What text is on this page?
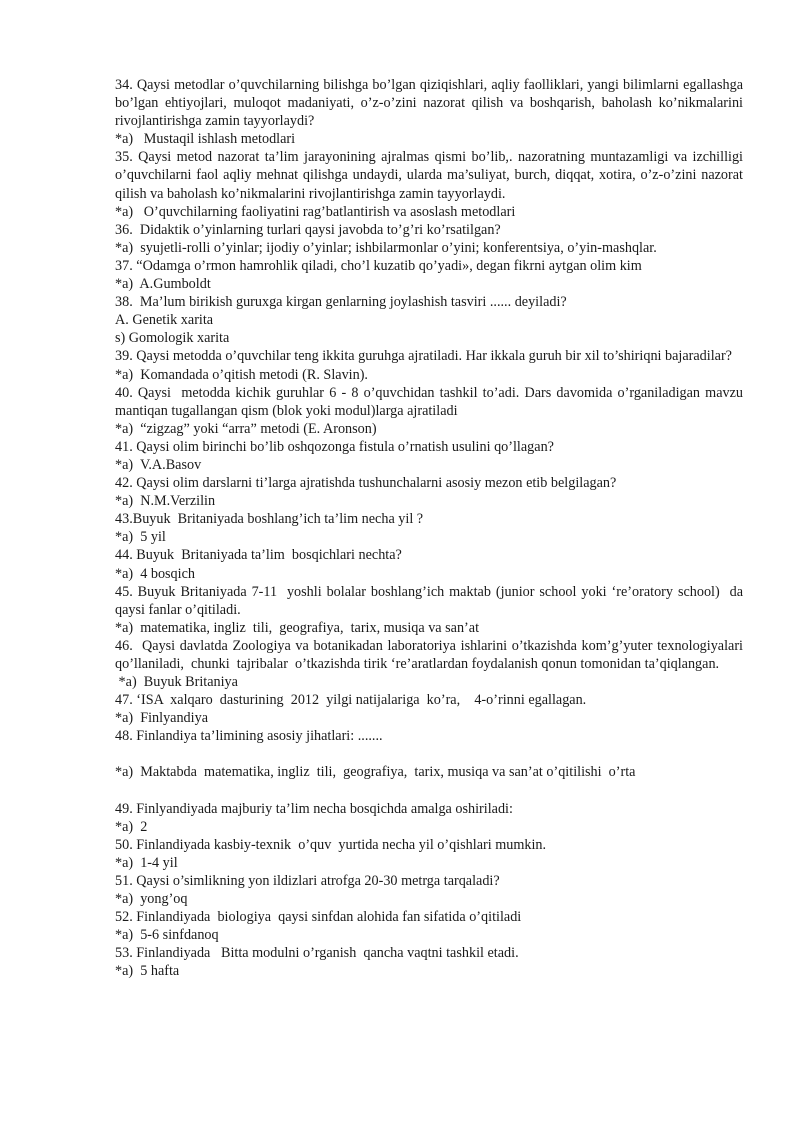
34. Qaysi metodlar o’quvchilarning bilishga bo’lgan qiziqishlari, aqliy faolliklari, yangi bilimlarni egallashga bo’lgan ehtiyojlari, muloqot madaniyati, o’z-o’zini nazorat qilish va boshqarish, baholash ko’nikmalarini rivojlantirishga zamin tayyorlaydi?

*a)   Mustaqil ishlash metodlari

35. Qaysi metod nazorat ta’lim jarayonining ajralmas qismi bo’lib,. nazoratning muntazamligi va izchilligi o’quvchilarni faol aqliy mehnat qilishga undaydi, ularda ma’suliyat, burch, diqqat, xotira, o’z-o’zini nazorat qilish va baholash ko’nikmalarini rivojlantirishga zamin tayyorlaydi.

*a)   O’quvchilarning faoliyatini rag’batlantirish va asoslash metodlari

36.  Didaktik o’yinlarning turlari qaysi javobda to’g’ri ko’rsatilgan?

*a)  syujetli-rolli o’yinlar; ijodiy o’yinlar; ishbilarmonlar o’yini; konferentsiya, o’yin-mashqlar.

37. “Odamga o’rmon hamrohlik qiladi, cho’l kuzatib qo’yadi», degan fikrni aytgan olim kim

*a)  A.Gumboldt

38.  Ma’lum birikish guruxga kirgan genlarning joylashish tasviri ...... deyiladi?

A. Genetik xarita

s) Gomologik xarita

39. Qaysi metodda o’quvchilar teng ikkita guruhga ajratiladi. Har ikkala guruh bir xil to’shiriqni bajaradilar?

*a)  Komandada o’qitish metodi (R. Slavin).

40. Qaysi  metodda kichik guruhlar 6 - 8 o’quvchidan tashkil to’adi. Dars davomida o’rganiladigan mavzu mantiqan tugallangan qism (blok yoki modul)larga ajratiladi

*a)  “zigzag” yoki “arra” metodi (E. Aronson)

41. Qaysi olim birinchi bo’lib oshqozonga fistula o’rnatish usulini qo’llagan?

*a)  V.A.Basov

42. Qaysi olim darslarni ti’larga ajratishda tushunchalarni asosiy mezon etib belgilagan?

*a)  N.M.Verzilin

43.Buyuk  Britaniyada boshlang’ich ta’lim necha yil ?

*a)  5 yil

44. Buyuk  Britaniyada ta’lim  bosqichlari nechta?

*a)  4 bosqich

45. Buyuk Britaniyada 7-11  yoshli bolalar boshlang’ich maktab (junior school yoki ‘re’oratory school)  da qaysi fanlar o’qitiladi.

*a)  matematika, ingliz  tili,  geografiya,  tarix, musiqa va san’at

46.  Qaysi davlatda Zoologiya va botanikadan laboratoriya ishlarini o’tkazishda kom’g’yuter texnologiyalari  qo’llaniladi,  chunki  tajribalar  o’tkazishda tirik ‘re’aratlardan foydalanish qonun tomonidan ta’qiqlangan.

*a)  Buyuk Britaniya

47. ‘ISA  xalqaro  dasturining  2012  yilgi natijalariga  ko’ra,    4-o’rinni egallagan.

*a)  Finlyandiya

48. Finlandiya ta’limining asosiy jihatlari: .......

*a)  Maktabda  matematika, ingliz  tili,  geografiya,  tarix, musiqa va san’at o’qitilishi  o’rta

49. Finlyandiyada majburiy ta’lim necha bosqichda amalga oshiriladi:

*a)  2

50. Finlandiyada kasbiy-texnik  o’quv  yurtida necha yil o’qishlari mumkin.

*a)  1-4 yil

51. Qaysi o’simlikning yon ildizlari atrofga 20-30 metrga tarqaladi?

*a)  yong’oq

52. Finlandiyada  biologiya  qaysi sinfdan alohida fan sifatida o’qitiladi

*a)  5-6 sinfdanoq

53. Finlandiyada   Bitta modulni o’rganish  qancha vaqtni tashkil etadi.

*a)  5 hafta
